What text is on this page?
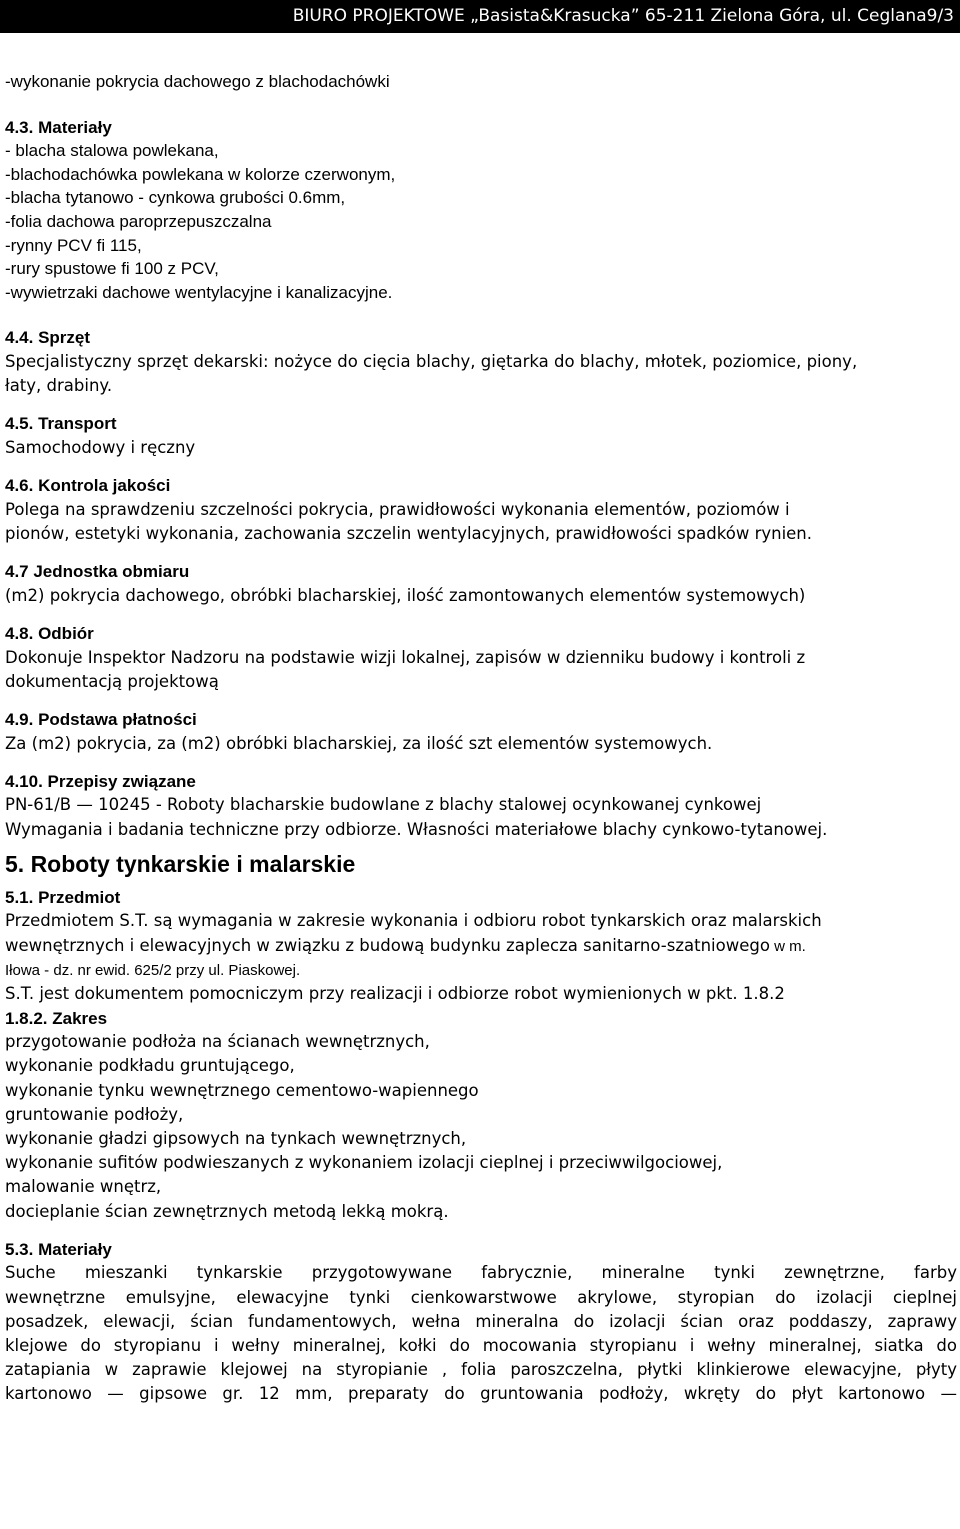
BIURO PROJEKTOWE „Basista&Krasucka” 65-211 Zielona Góra, ul. Ceglana9/3
-wykonanie pokrycia dachowego z blachodachówki
4.3. Materiały
- blacha stalowa powlekana,
-blachodachówka powlekana w kolorze czerwonym,
-blacha tytanowo - cynkowa grubości 0.6mm,
-folia dachowa paroprzepuszczalna
-rynny PCV fi 115,
-rury spustowe fi 100 z PCV,
-wywietrzaki dachowe wentylacyjne i kanalizacyjne.
4.4. Sprzęt
Specjalistyczny sprzęt dekarski: nożyce do cięcia blachy, giętarka do blachy, młotek, poziomice, piony,
łaty, drabiny.
4.5. Transport
Samochodowy i ręczny
4.6. Kontrola jakości
Polega na sprawdzeniu szczelności pokrycia, prawidłowości wykonania elementów, poziomów i
pionów, estetyki wykonania, zachowania szczelin wentylacyjnych, prawidłowości spadków rynien.
4.7 Jednostka obmiaru
(m2) pokrycia dachowego, obróbki blacharskiej, ilość zamontowanych elementów systemowych)
4.8. Odbiór
Dokonuje Inspektor Nadzoru na podstawie wizji lokalnej, zapisów w dzienniku budowy i kontroli z
dokumentacją projektową
4.9. Podstawa płatności
Za (m2) pokrycia, za (m2) obróbki blacharskiej, za ilość szt elementów systemowych.
4.10. Przepisy związane
PN-61/B — 10245 - Roboty blacharskie budowlane z blachy stalowej ocynkowanej cynkowej
Wymagania i badania techniczne przy odbiorze. Własności materiałowe blachy cynkowo-tytanowej.
5. Roboty tynkarskie i malarskie
5.1. Przedmiot
Przedmiotem S.T. są wymagania w zakresie wykonania i odbioru robot tynkarskich oraz malarskich
wewnętrznych i elewacyjnych w związku z budową budynku zaplecza sanitarno-szatniowego w m.
Iłowa - dz. nr ewid. 625/2 przy ul. Piaskowej.
S.T. jest dokumentem pomocniczym przy realizacji i odbiorze robot wymienionych w pkt. 1.8.2
1.8.2. Zakres
przygotowanie podłoża na ścianach wewnętrznych,
wykonanie podkładu gruntującego,
wykonanie tynku wewnętrznego cementowo-wapiennego
gruntowanie podłoży,
wykonanie gładzi gipsowych na tynkach wewnętrznych,
wykonanie sufitów podwieszanych z wykonaniem izolacji cieplnej i przeciwwilgociowej,
malowanie wnętrz,
docieplanie ścian zewnętrznych metodą lekką mokrą.
5.3. Materiały
Suche mieszanki tynkarskie przygotowywane fabrycznie, mineralne tynki zewnętrzne, farby
wewnętrzne emulsyjne, elewacyjne tynki cienkowarstwowe akrylowe, styropian do izolacji cieplnej
posadzek, elewacji, ścian fundamentowych, wełna mineralna do izolacji ścian oraz poddaszy, zaprawy
klejowe do styropianu i wełny mineralnej, kołki do mocowania styropianu i wełny mineralnej, siatka do
zatapiania w zaprawie klejowej na styropianie , folia paroszczelna, płytki klinkierowe elewacyjne, płyty
kartonowo — gipsowe gr. 12 mm, preparaty do gruntowania podłoży, wkręty do płyt kartonowo —
